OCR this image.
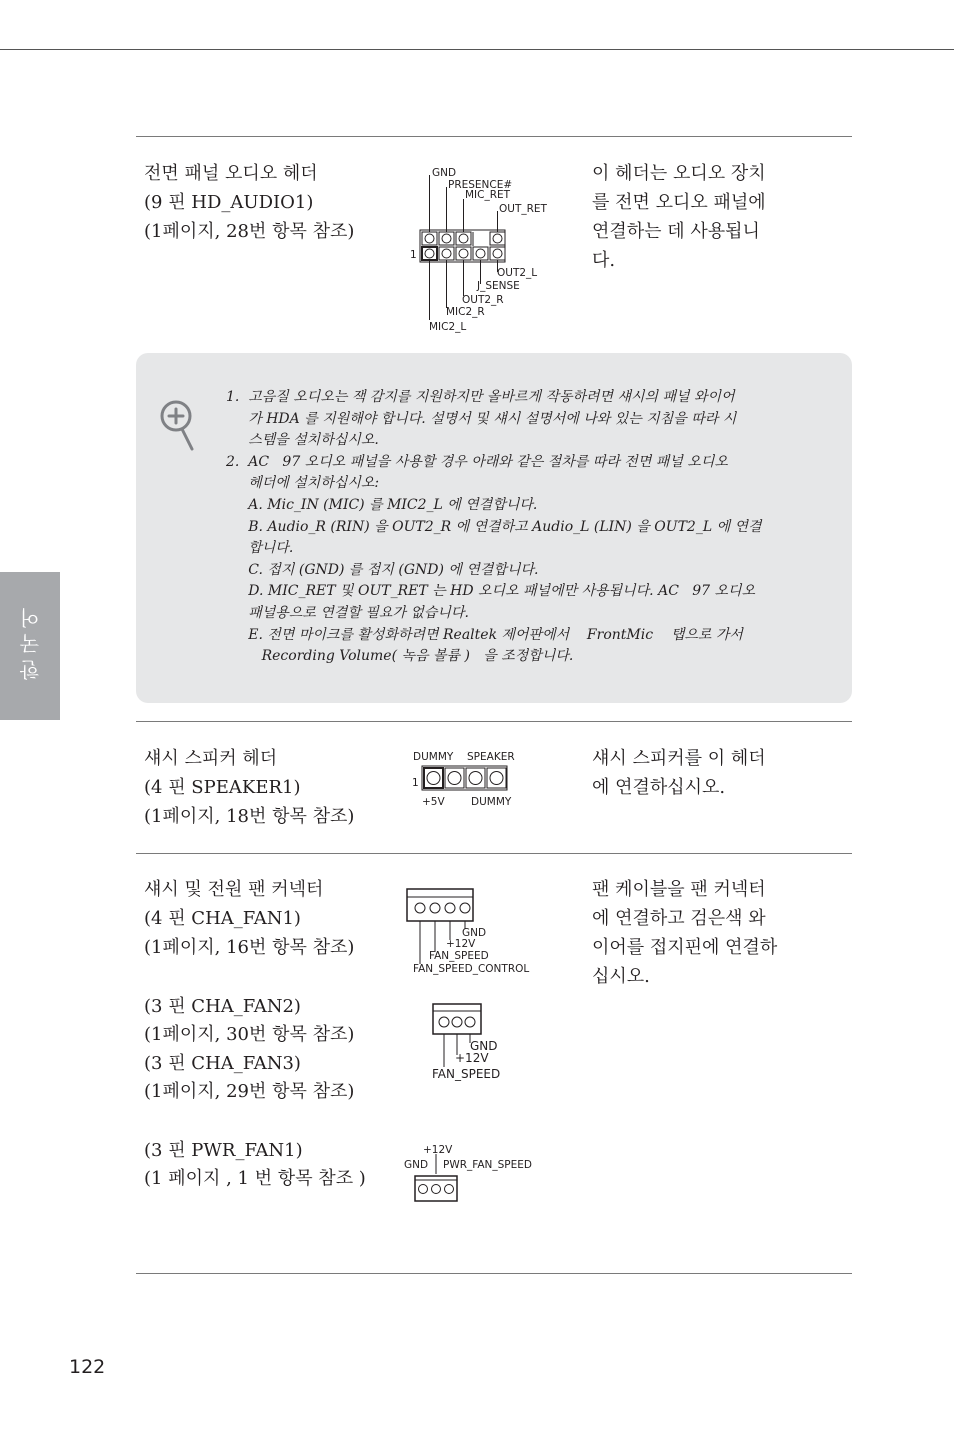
한국어
전면 패널 오디오 헤더
(9 핀 HD_AUDIO1)
(1페이지, 28번 항목 참조)
이 헤더는 오디오 장치
를 전면 오디오 패널에
연결하는 데 사용됩니
다.
GND
PRESENCE#
MIC_RET
OUT_RET
1
OUT2_L
J_SENSE
OUT2_R
MIC2_R
MIC2_L
1.  고음질 오디오는 잭 감지를 지원하지만 올바르게 작동하려면 섀시의 패널 와이어
가 HDA 를 지원해야 합니다. 설명서 및 섀시 설명서에 나와 있는 지침을 따라 시
스템을 설치하십시오.
2.  AC   97 오디오 패널을 사용할 경우 아래와 같은 절차를 따라 전면 패널 오디오
헤더에 설치하십시오:
A. Mic_IN (MIC) 를 MIC2_L 에 연결합니다.
B. Audio_R (RIN) 을 OUT2_R 에 연결하고 Audio_L (LIN) 을 OUT2_L 에 연결
합니다.
C. 접지 (GND) 를 접지 (GND) 에 연결합니다.
D. MIC_RET 및 OUT_RET 는 HD 오디오 패널에만 사용됩니다. AC   97 오디오
패널용으로 연결할 필요가 없습니다.
E. 전면 마이크를 활성화하려면 Realtek 제어판에서    FrontMic    탭으로 가서
Recording Volume( 녹음 볼륨 )   을 조정합니다.
섀시 스피커 헤더
(4 핀 SPEAKER1)
(1페이지, 18번 항목 참조)
섀시 스피커를 이 헤더
에 연결하십시오.
DUMMY SPEAKER
1
+5V	DUMMY
섀시 및 전원 팬 커넥터
(4 핀 CHA_FAN1)
(1페이지, 16번 항목 참조)
팬 케이블을 팬 커넥터
에 연결하고 검은색 와
이어를 접지핀에 연결하
십시오.
(3 핀 CHA_FAN2)
(1페이지, 30번 항목 참조)
(3 핀 CHA_FAN3)
(1페이지, 29번 항목 참조)
(3 핀 PWR_FAN1)
(1 페이지 , 1 번 항목 참조 )
GND
+12V
FAN_SPEED
FAN_SPEED_CONTROL
GND
+12V
FAN_SPEED
+12V
GND PWR_FAN_SPEED
122
